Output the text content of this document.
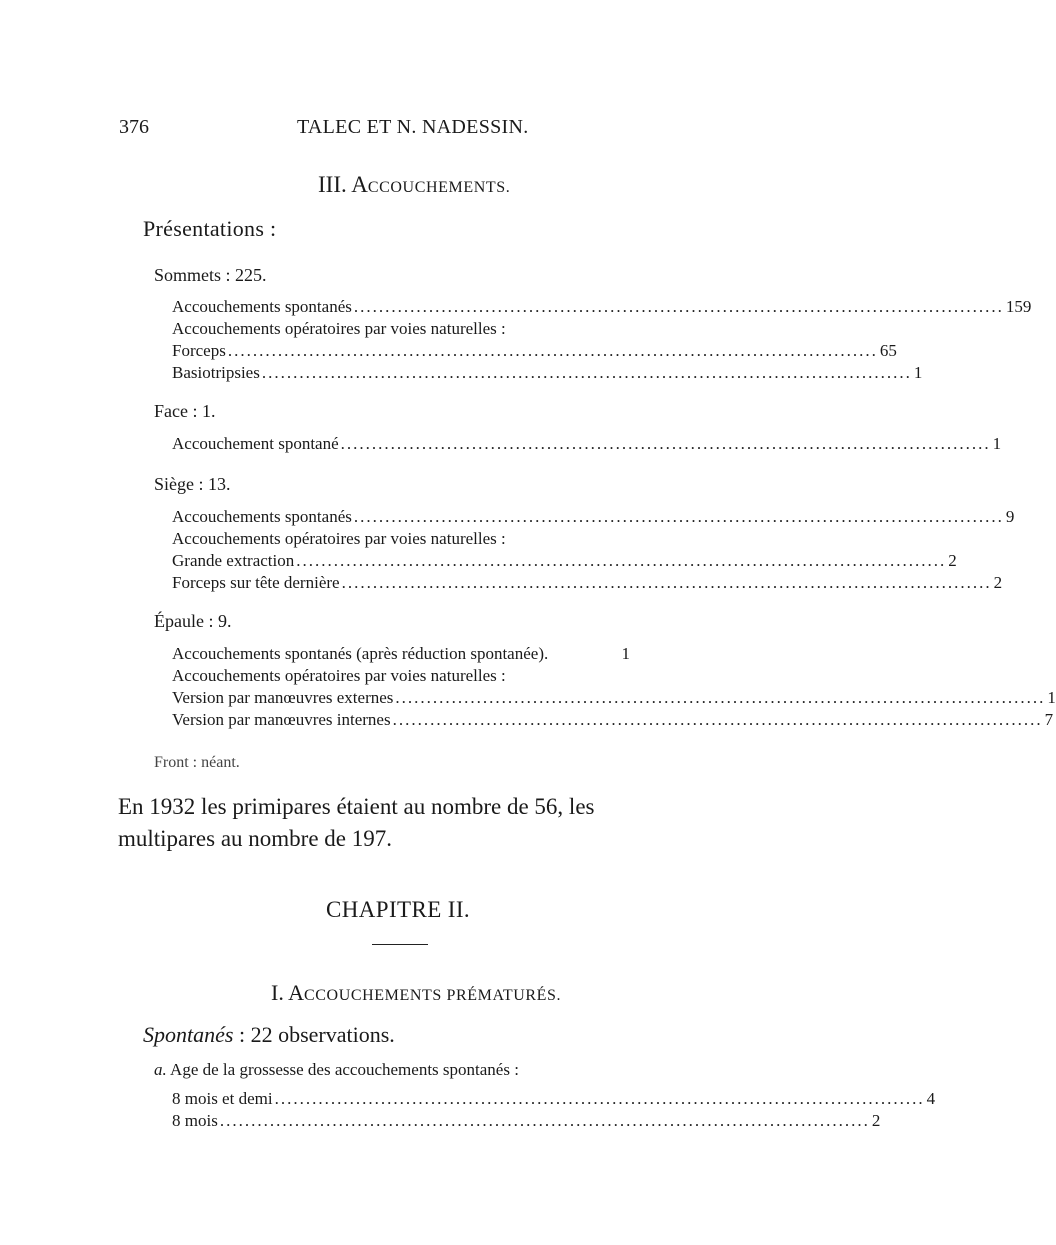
376	TALEC ET N. NADESSIN.
III. ACCOUCHEMENTS.
Présentations :
Sommets : 225.
Accouchements spontanés ........................................................................................................ 159
Accouchements opératoires par voies naturelles :
Forceps ........................................................................................................ 65
Basiotripsies ........................................................................................................ 1
Face : 1.
Accouchement spontané ........................................................................................................ 1
Siège : 13.
Accouchements spontanés ........................................................................................................ 9
Accouchements opératoires par voies naturelles :
Grande extraction ........................................................................................................ 2
Forceps sur tête dernière ........................................................................................................ 2
Épaule : 9.
Accouchements spontanés (après réduction spontanée).	1
Accouchements opératoires par voies naturelles :
Version par manœuvres externes ........................................................................................................ 1
Version par manœuvres internes ........................................................................................................ 7
Front : néant.
En 1932 les primipares étaient au nombre de 56, les
multipares au nombre de 197.
CHAPITRE II.
I. ACCOUCHEMENTS PRÉMATURÉS.
Spontanés : 22 observations.
a. Age de la grossesse des accouchements spontanés :
8 mois et demi ........................................................................................................ 4
8 mois ........................................................................................................ 2
